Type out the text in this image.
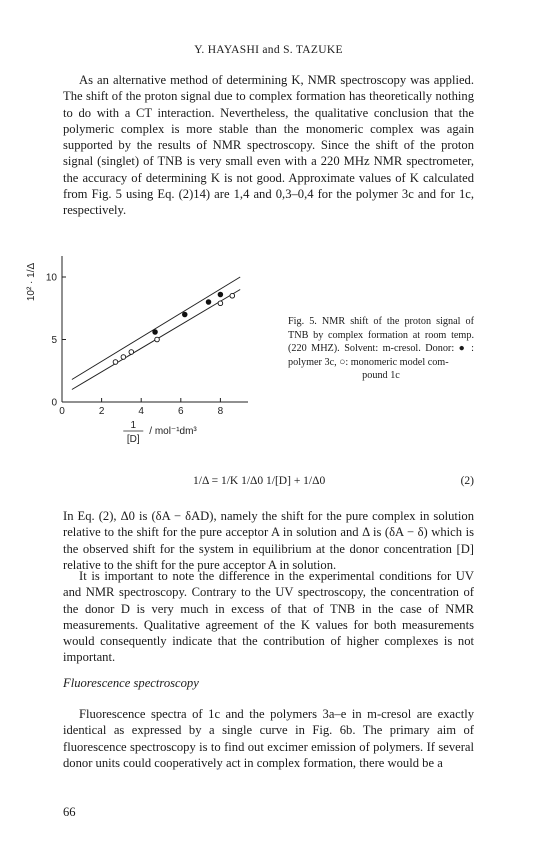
Y. HAYASHI and S. TAZUKE

As an alternative method of determining K, NMR spectroscopy was applied. The shift of the proton signal due to complex formation has theoretically nothing to do with a CT interaction. Nevertheless, the qualitative conclusion that the polymeric complex is more stable than the monomeric complex was again supported by the results of NMR spectroscopy. Since the shift of the proton signal (singlet) of TNB is very small even with a 220 MHz NMR spectrometer, the accuracy of determining K is not good. Approximate values of K calculated from Fig. 5 using Eq. (2)14) are 1,4 and 0,3–0,4 for the polymer 3c and for 1c, respectively.

0	2	4	6	8
0
5
10
10² · 1/Δ
1
[D]
/ mol⁻¹dm³
Fig. 5. NMR shift of the proton signal of TNB by complex formation at room temp. (220 MHZ). Solvent: m-cresol. Donor: ● : polymer 3c, ○: monomeric model com-
pound 1c
1/Δ = 1/K 1/Δ0 1/[D] + 1/Δ0	(2)

In Eq. (2), Δ0 is (δA − δAD), namely the shift for the pure complex in solution relative to the shift for the pure acceptor A in solution and Δ is (δA − δ) which is the observed shift for the system in equilibrium at the donor concentration [D] relative to the shift for the pure acceptor A in solution.

It is important to note the difference in the experimental conditions for UV and NMR spectroscopy. Contrary to the UV spectroscopy, the concentration of the donor D is very much in excess of that of TNB in the case of NMR measurements. Qualitative agreement of the K values for both measurements would consequently indicate that the contribution of higher complexes is not important.

Fluorescence spectroscopy

Fluorescence spectra of 1c and the polymers 3a–e in m-cresol are exactly identical as expressed by a single curve in Fig. 6b. The primary aim of fluorescence spectroscopy is to find out excimer emission of polymers. If several donor units could cooperatively act in complex formation, there would be a

66
